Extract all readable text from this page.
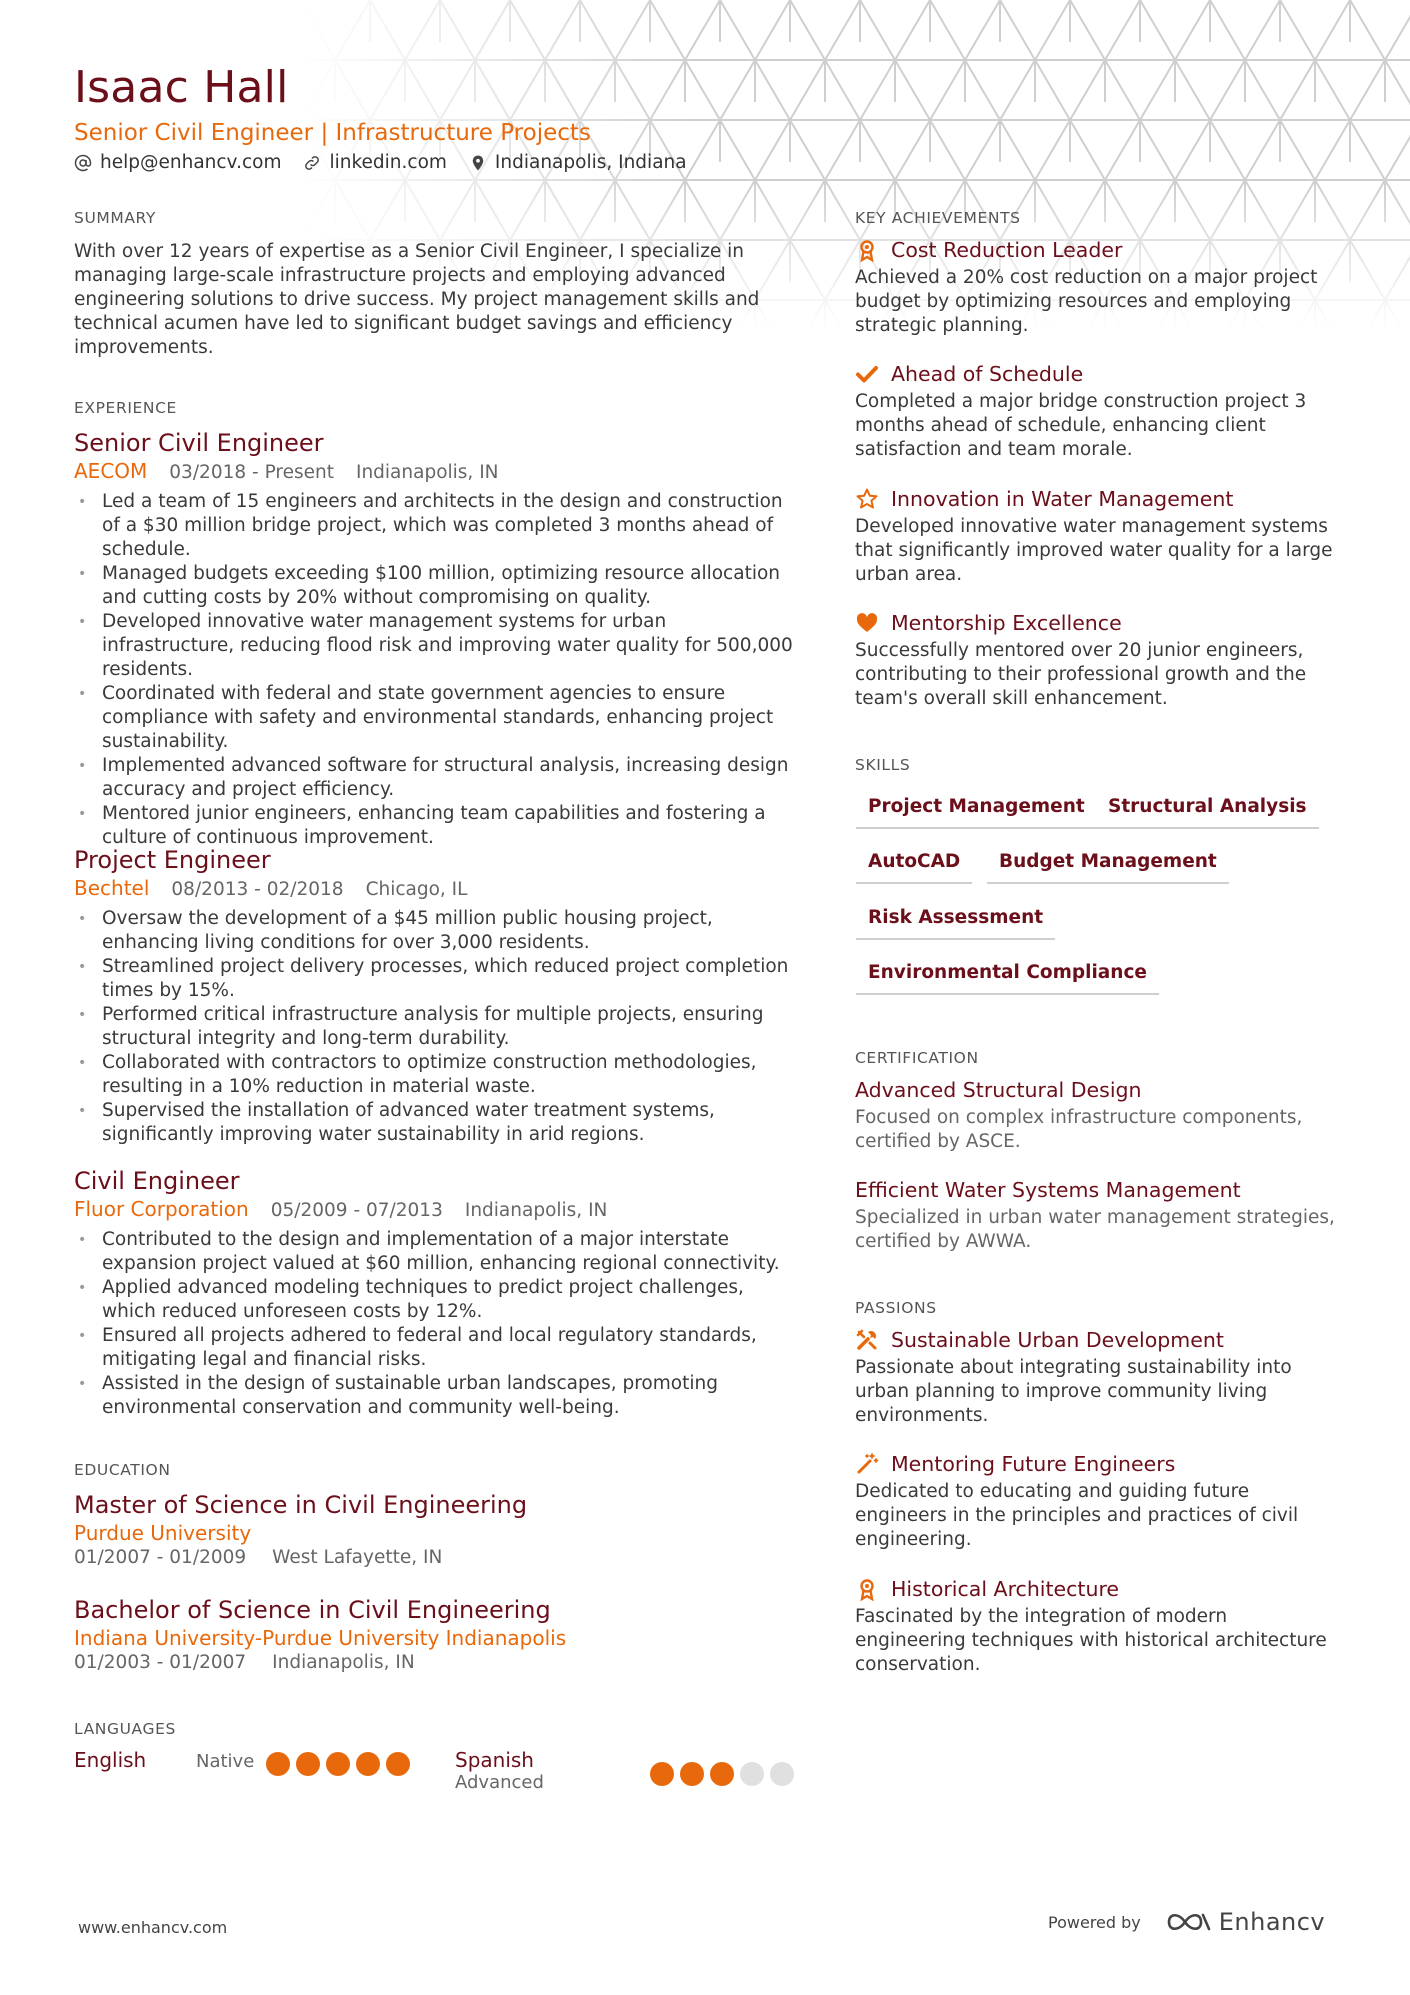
Isaac Hall
Senior Civil Engineer | Infrastructure Projects
help@enhancv.com	linkedin.com	Indianapolis, Indiana
SUMMARY
With over 12 years of expertise as a Senior Civil Engineer, I specialize in managing large-scale infrastructure projects and employing advanced engineering solutions to drive success. My project management skills and technical acumen have led to significant budget savings and efficiency improvements.
EXPERIENCE
Senior Civil Engineer
AECOM 03/2018 - Present Indianapolis, IN
• Led a team of 15 engineers and architects in the design and construction of a $30 million bridge project, which was completed 3 months ahead of schedule.
• Managed budgets exceeding $100 million, optimizing resource allocation and cutting costs by 20% without compromising on quality.
• Developed innovative water management systems for urban infrastructure, reducing flood risk and improving water quality for 500,000 residents.
• Coordinated with federal and state government agencies to ensure compliance with safety and environmental standards, enhancing project sustainability.
• Implemented advanced software for structural analysis, increasing design accuracy and project efficiency.
• Mentored junior engineers, enhancing team capabilities and fostering a culture of continuous improvement.
Project Engineer
Bechtel 08/2013 - 02/2018 Chicago, IL
• Oversaw the development of a $45 million public housing project, enhancing living conditions for over 3,000 residents.
• Streamlined project delivery processes, which reduced project completion times by 15%.
• Performed critical infrastructure analysis for multiple projects, ensuring structural integrity and long-term durability.
• Collaborated with contractors to optimize construction methodologies, resulting in a 10% reduction in material waste.
• Supervised the installation of advanced water treatment systems, significantly improving water sustainability in arid regions.
Civil Engineer
Fluor Corporation 05/2009 - 07/2013 Indianapolis, IN
• Contributed to the design and implementation of a major interstate expansion project valued at $60 million, enhancing regional connectivity.
• Applied advanced modeling techniques to predict project challenges, which reduced unforeseen costs by 12%.
• Ensured all projects adhered to federal and local regulatory standards, mitigating legal and financial risks.
• Assisted in the design of sustainable urban landscapes, promoting environmental conservation and community well-being.
EDUCATION
Master of Science in Civil Engineering
Purdue University
01/2007 - 01/2009 West Lafayette, IN
Bachelor of Science in Civil Engineering
Indiana University-Purdue University Indianapolis
01/2003 - 01/2007 Indianapolis, IN
LANGUAGES
English	Native	Spanish
Advanced
KEY ACHIEVEMENTS
Cost Reduction Leader
Achieved a 20% cost reduction on a major project budget by optimizing resources and employing strategic planning.
Ahead of Schedule
Completed a major bridge construction project 3 months ahead of schedule, enhancing client satisfaction and team morale.
Innovation in Water Management
Developed innovative water management systems that significantly improved water quality for a large urban area.
Mentorship Excellence
Successfully mentored over 20 junior engineers, contributing to their professional growth and the team's overall skill enhancement.
SKILLS
Project Management	Structural Analysis
AutoCAD	Budget Management
Risk Assessment
Environmental Compliance
CERTIFICATION
Advanced Structural Design
Focused on complex infrastructure components, certified by ASCE.
Efficient Water Systems Management
Specialized in urban water management strategies, certified by AWWA.
PASSIONS
Sustainable Urban Development
Passionate about integrating sustainability into urban planning to improve community living environments.
Mentoring Future Engineers
Dedicated to educating and guiding future engineers in the principles and practices of civil engineering.
Historical Architecture
Fascinated by the integration of modern engineering techniques with historical architecture conservation.
www.enhancv.com	Powered by	Enhancv
